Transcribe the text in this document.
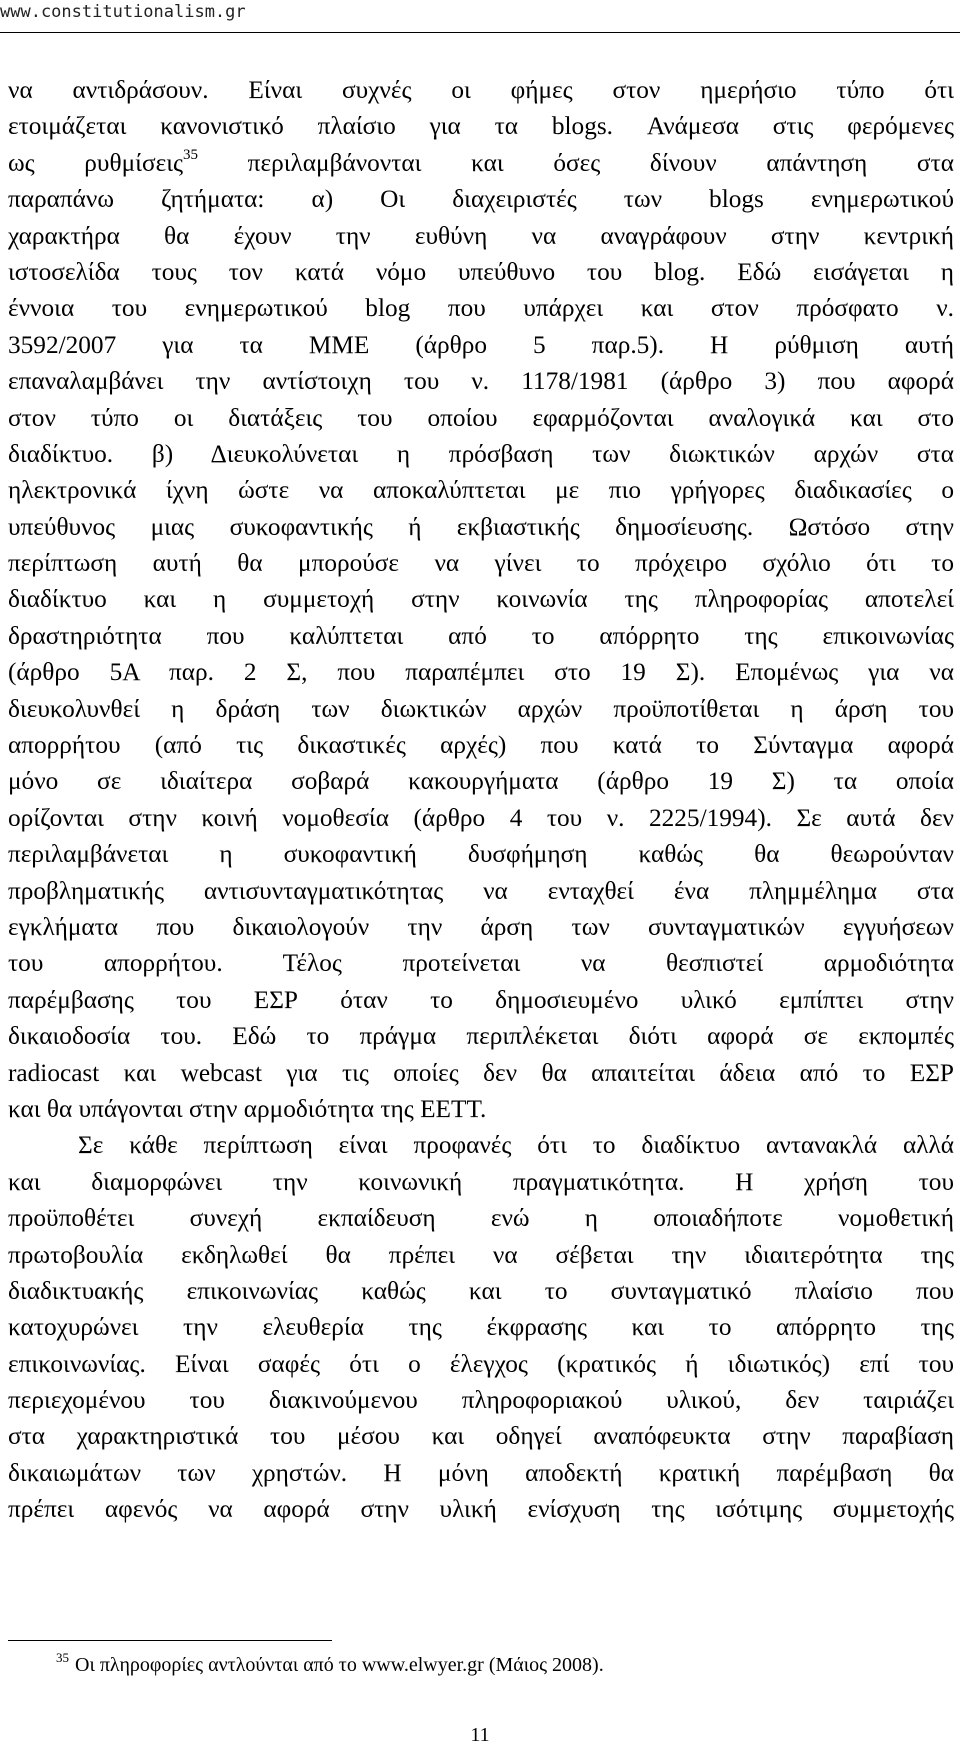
www.constitutionalism.gr
να αντιδράσουν. Είναι συχνές οι φήμες στον ημερήσιο τύπο ότι
ετοιμάζεται κανονιστικό πλαίσιο για τα blogs. Ανάμεσα στις φερόμενες
ως ρυθμίσεις$^{35}$ περιλαμβάνονται και όσες δίνουν απάντηση στα
παραπάνω ζητήματα: α) Οι διαχειριστές των blogs ενημερωτικού
χαρακτήρα θα έχουν την ευθύνη να αναγράφουν στην κεντρική
ιστοσελίδα τους τον κατά νόμο υπεύθυνο του blog. Εδώ εισάγεται η
έννοια του ενημερωτικού blog που υπάρχει και στον πρόσφατο ν.
3592/2007 για τα ΜΜΕ (άρθρο 5 παρ.5). Η ρύθμιση αυτή
επαναλαμβάνει την αντίστοιχη του ν. 1178/1981 (άρθρο 3) που αφορά
στον τύπο οι διατάξεις του οποίου εφαρμόζονται αναλογικά και στο
διαδίκτυο. β) Διευκολύνεται η πρόσβαση των διωκτικών αρχών στα
ηλεκτρονικά ίχνη ώστε να αποκαλύπτεται με πιο γρήγορες διαδικασίες ο
υπεύθυνος μιας συκοφαντικής ή εκβιαστικής δημοσίευσης. Ωστόσο στην
περίπτωση αυτή θα μπορούσε να γίνει το πρόχειρο σχόλιο ότι το
διαδίκτυο και η συμμετοχή στην κοινωνία της πληροφορίας αποτελεί
δραστηριότητα που καλύπτεται από το απόρρητο της επικοινωνίας
(άρθρο 5Α παρ. 2 Σ, που παραπέμπει στο 19 Σ). Επομένως για να
διευκολυνθεί η δράση των διωκτικών αρχών προϋποτίθεται η άρση του
απορρήτου (από τις δικαστικές αρχές) που κατά το Σύνταγμα αφορά
μόνο σε ιδιαίτερα σοβαρά κακουργήματα (άρθρο 19 Σ) τα οποία
ορίζονται στην κοινή νομοθεσία (άρθρο 4 του ν. 2225/1994). Σε αυτά δεν
περιλαμβάνεται η συκοφαντική δυσφήμηση καθώς θα θεωρούνταν
προβληματικής αντισυνταγματικότητας να ενταχθεί ένα πλημμέλημα στα
εγκλήματα που δικαιολογούν την άρση των συνταγματικών εγγυήσεων
του απορρήτου. Τέλος προτείνεται να θεσπιστεί αρμοδιότητα
παρέμβασης του ΕΣΡ όταν το δημοσιευμένο υλικό εμπίπτει στην
δικαιοδοσία του. Εδώ το πράγμα περιπλέκεται διότι αφορά σε εκπομπές
radiocast και webcast για τις οποίες δεν θα απαιτείται άδεια από το ΕΣΡ
και θα υπάγονται στην αρμοδιότητα της ΕΕΤΤ.
Σε κάθε περίπτωση είναι προφανές ότι το διαδίκτυο αντανακλά αλλά
και διαμορφώνει την κοινωνική πραγματικότητα. Η χρήση του
προϋποθέτει συνεχή εκπαίδευση ενώ η οποιαδήποτε νομοθετική
πρωτοβουλία εκδηλωθεί θα πρέπει να σέβεται την ιδιαιτερότητα της
διαδικτυακής επικοινωνίας καθώς και το συνταγματικό πλαίσιο που
κατοχυρώνει την ελευθερία της έκφρασης και το απόρρητο της
επικοινωνίας. Είναι σαφές ότι ο έλεγχος (κρατικός ή ιδιωτικός) επί του
περιεχομένου του διακινούμενου πληροφοριακού υλικού, δεν ταιριάζει
στα χαρακτηριστικά του μέσου και οδηγεί αναπόφευκτα στην παραβίαση
δικαιωμάτων των χρηστών. Η μόνη αποδεκτή κρατική παρέμβαση θα
πρέπει αφενός να αφορά στην υλική ενίσχυση της ισότιμης συμμετοχής
$^{35}$ Οι πληροφορίες αντλούνται από το www.elwyer.gr (Μάιος 2008).
11
